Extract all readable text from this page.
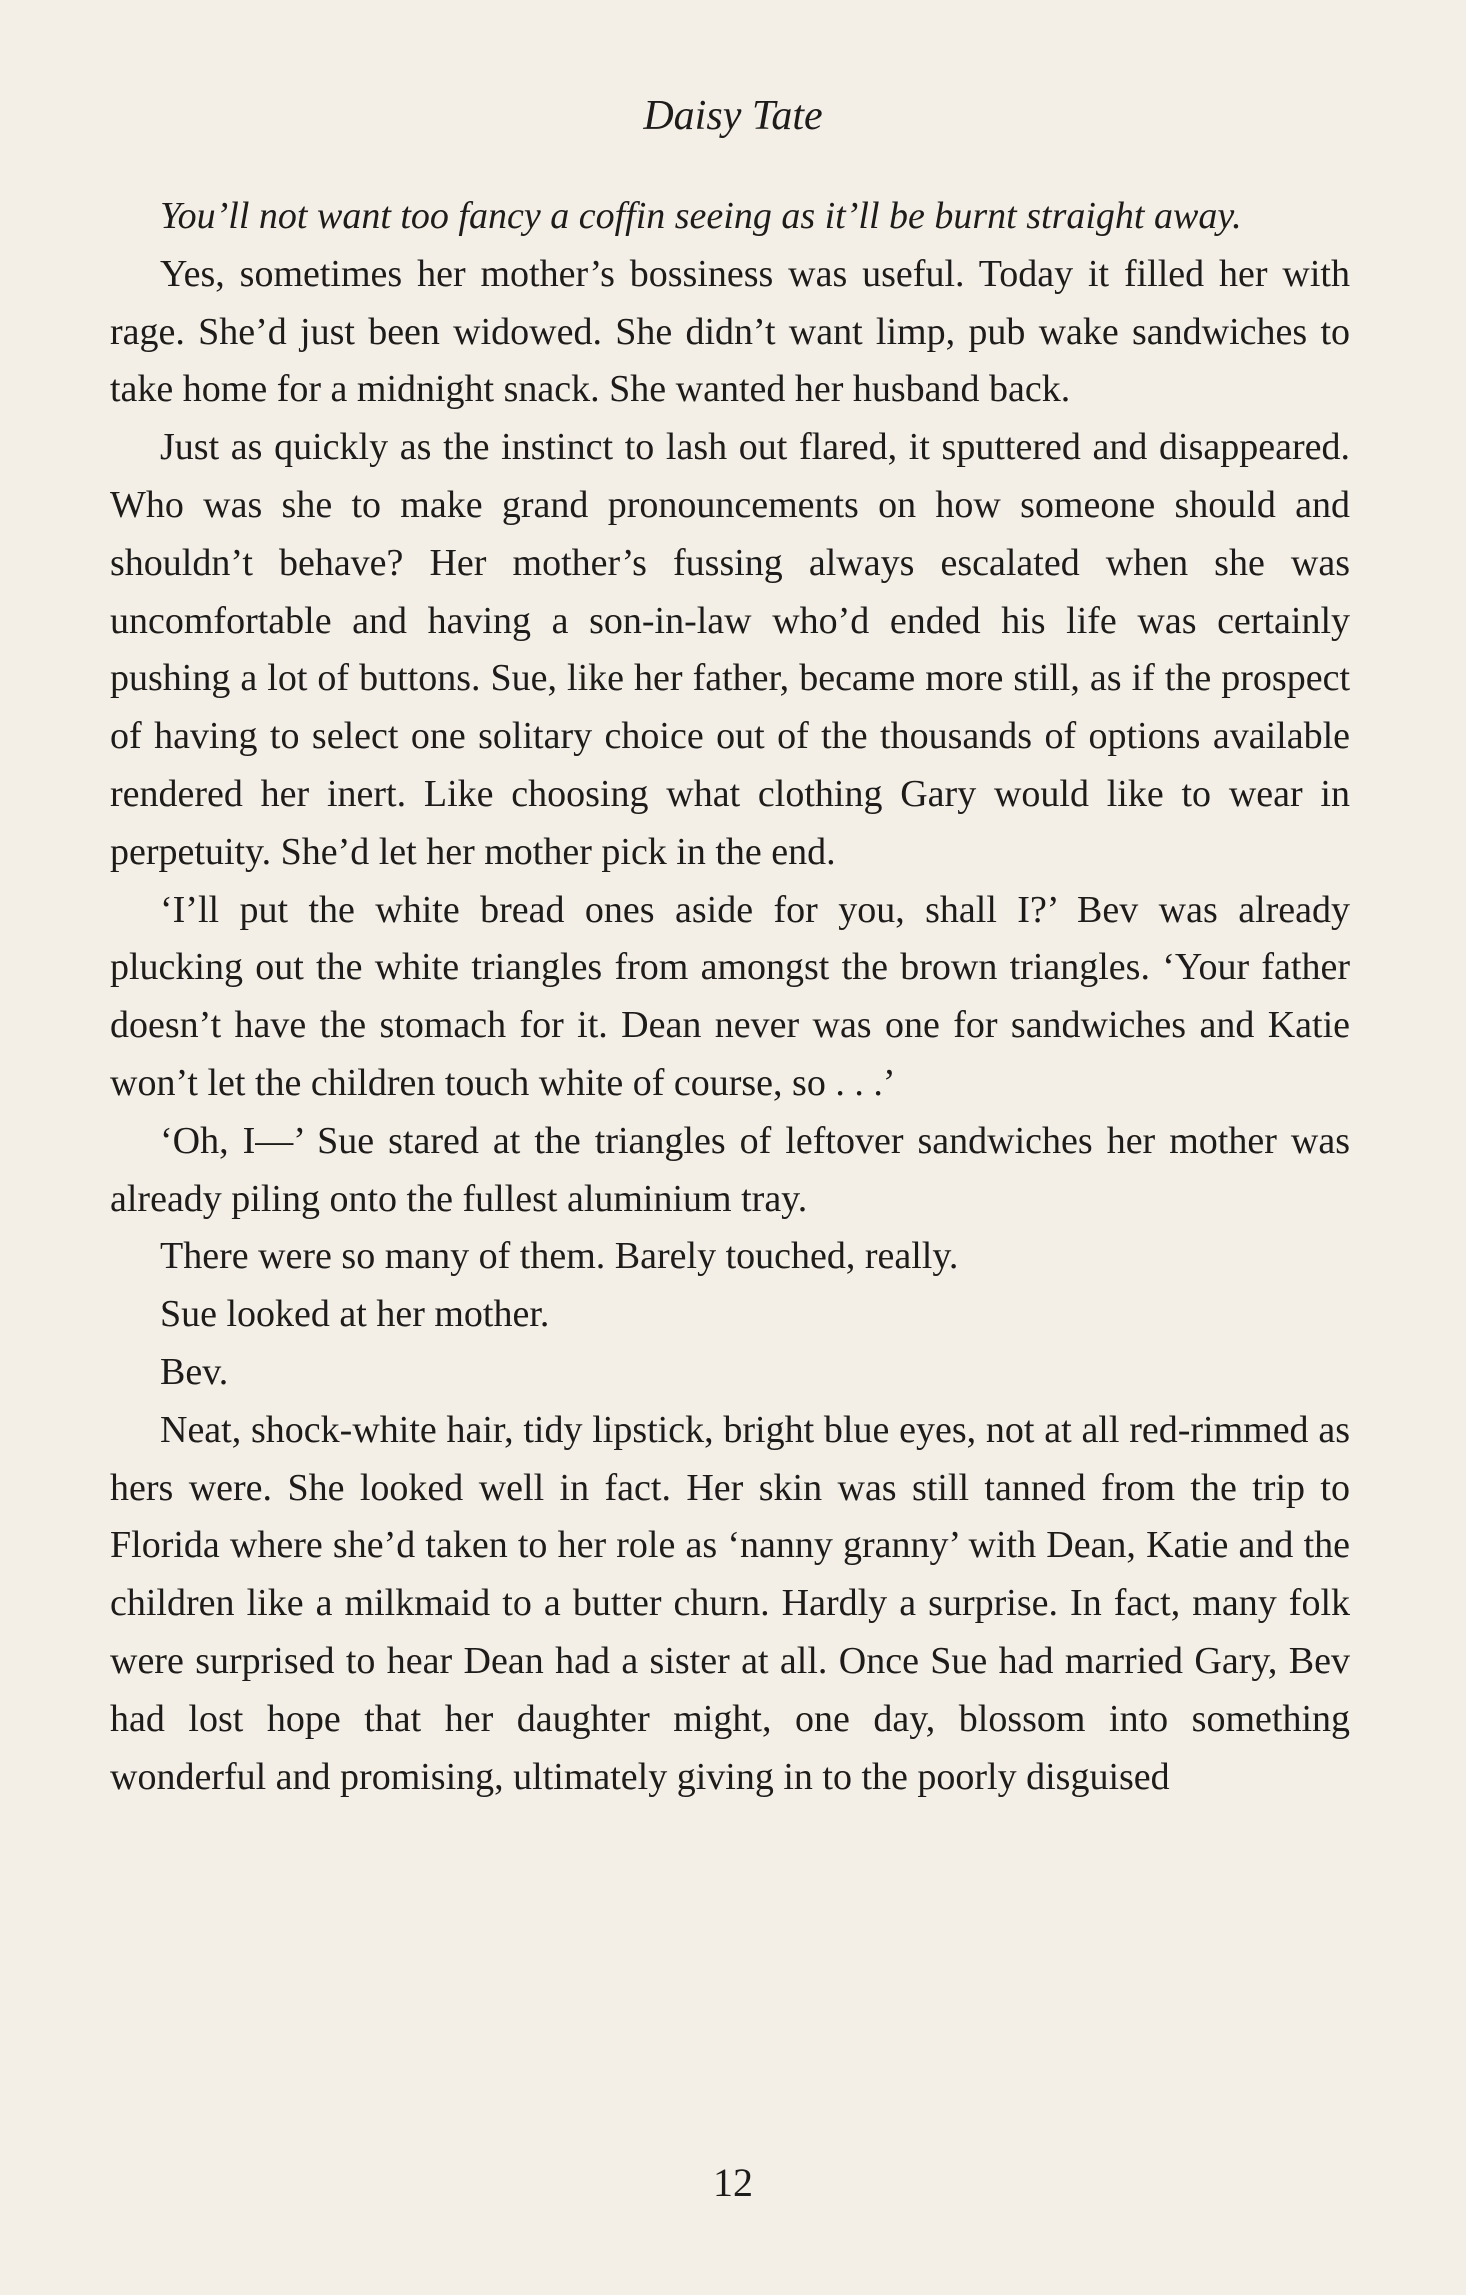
Daisy Tate

You’ll not want too fancy a coffin seeing as it’ll be burnt straight away.

Yes, sometimes her mother’s bossiness was useful. Today it filled her with rage. She’d just been widowed. She didn’t want limp, pub wake sandwiches to take home for a midnight snack. She wanted her husband back.

Just as quickly as the instinct to lash out flared, it sputtered and disappeared. Who was she to make grand pronouncements on how someone should and shouldn’t behave? Her mother’s fussing always escalated when she was uncomfortable and having a son-in-law who’d ended his life was certainly pushing a lot of buttons. Sue, like her father, became more still, as if the prospect of having to select one solitary choice out of the thousands of options available rendered her inert. Like choosing what clothing Gary would like to wear in perpetuity. She’d let her mother pick in the end.

‘I’ll put the white bread ones aside for you, shall I?’ Bev was already plucking out the white triangles from amongst the brown triangles. ‘Your father doesn’t have the stomach for it. Dean never was one for sandwiches and Katie won’t let the children touch white of course, so . . .’

‘Oh, I—’ Sue stared at the triangles of leftover sandwiches her mother was already piling onto the fullest aluminium tray.

There were so many of them. Barely touched, really.

Sue looked at her mother.

Bev.

Neat, shock-white hair, tidy lipstick, bright blue eyes, not at all red-rimmed as hers were. She looked well in fact. Her skin was still tanned from the trip to Florida where she’d taken to her role as ‘nanny granny’ with Dean, Katie and the children like a milkmaid to a butter churn. Hardly a surprise. In fact, many folk were surprised to hear Dean had a sister at all. Once Sue had married Gary, Bev had lost hope that her daughter might, one day, blossom into something wonderful and promising, ultimately giving in to the poorly disguised

12
